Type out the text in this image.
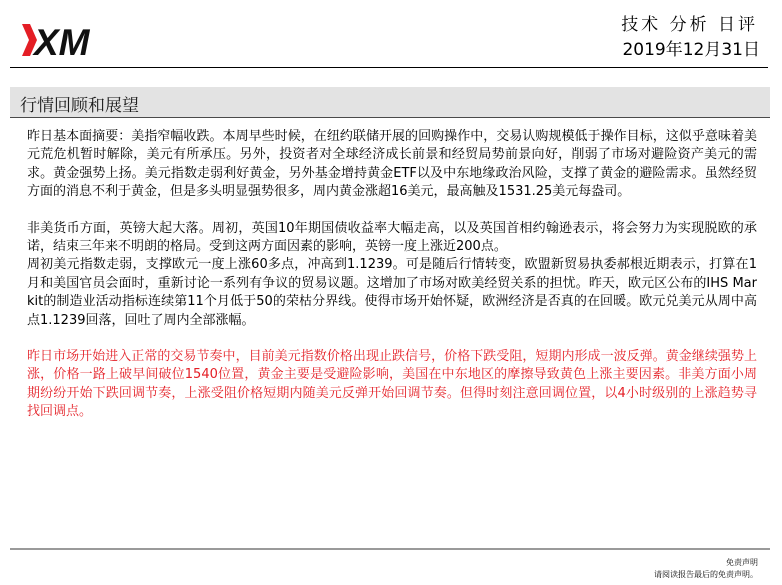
XM	技术 分析 日评
2019年12月31日
行情回顾和展望

昨日基本面摘要：美指窄幅收跌。本周早些时候，在纽约联储开展的回购操作中，交易认购规模低于操作目标，这似乎意味着美元荒危机暂时解除，美元有所承压。另外，投资者对全球经济成长前景和经贸局势前景向好，削弱了市场对避险资产美元的需求。黄金强势上扬。美元指数走弱利好黄金，另外基金增持黄金ETF以及中东地缘政治风险，支撑了黄金的避险需求。虽然经贸方面的消息不利于黄金，但是多头明显强势很多，周内黄金涨超16美元，最高触及1531.25美元每盎司。

非美货币方面，英镑大起大落。周初，英国10年期国债收益率大幅走高，以及英国首相约翰逊表示，将会努力为实现脱欧的承诺，结束三年来不明朗的格局。受到这两方面因素的影响，英镑一度上涨近200点。

周初美元指数走弱，支撑欧元一度上涨60多点，冲高到1.1239。可是随后行情转变，欧盟新贸易执委郝根近期表示，打算在1月和美国官员会面时，重新讨论一系列有争议的贸易议题。这增加了市场对欧美经贸关系的担忧。昨天，欧元区公布的IHS Markit的制造业活动指标连续第11个月低于50的荣枯分界线。使得市场开始怀疑，欧洲经济是否真的在回暖。欧元兑美元从周中高点1.1239回落，回吐了周内全部涨幅。

昨日市场开始进入正常的交易节奏中，目前美元指数价格出现止跌信号，价格下跌受阻，短期内形成一波反弹。黄金继续强势上涨，价格一路上破早间破位1540位置，黄金主要是受避险影响，美国在中东地区的摩擦导致黄色上涨主要因素。非美方面小周期纷纷开始下跌回调节奏，上涨受阻价格短期内随美元反弹开始回调节奏。但得时刻注意回调位置，以4小时级别的上涨趋势寻找回调点。

免责声明
请阅读报告最后的免责声明。
